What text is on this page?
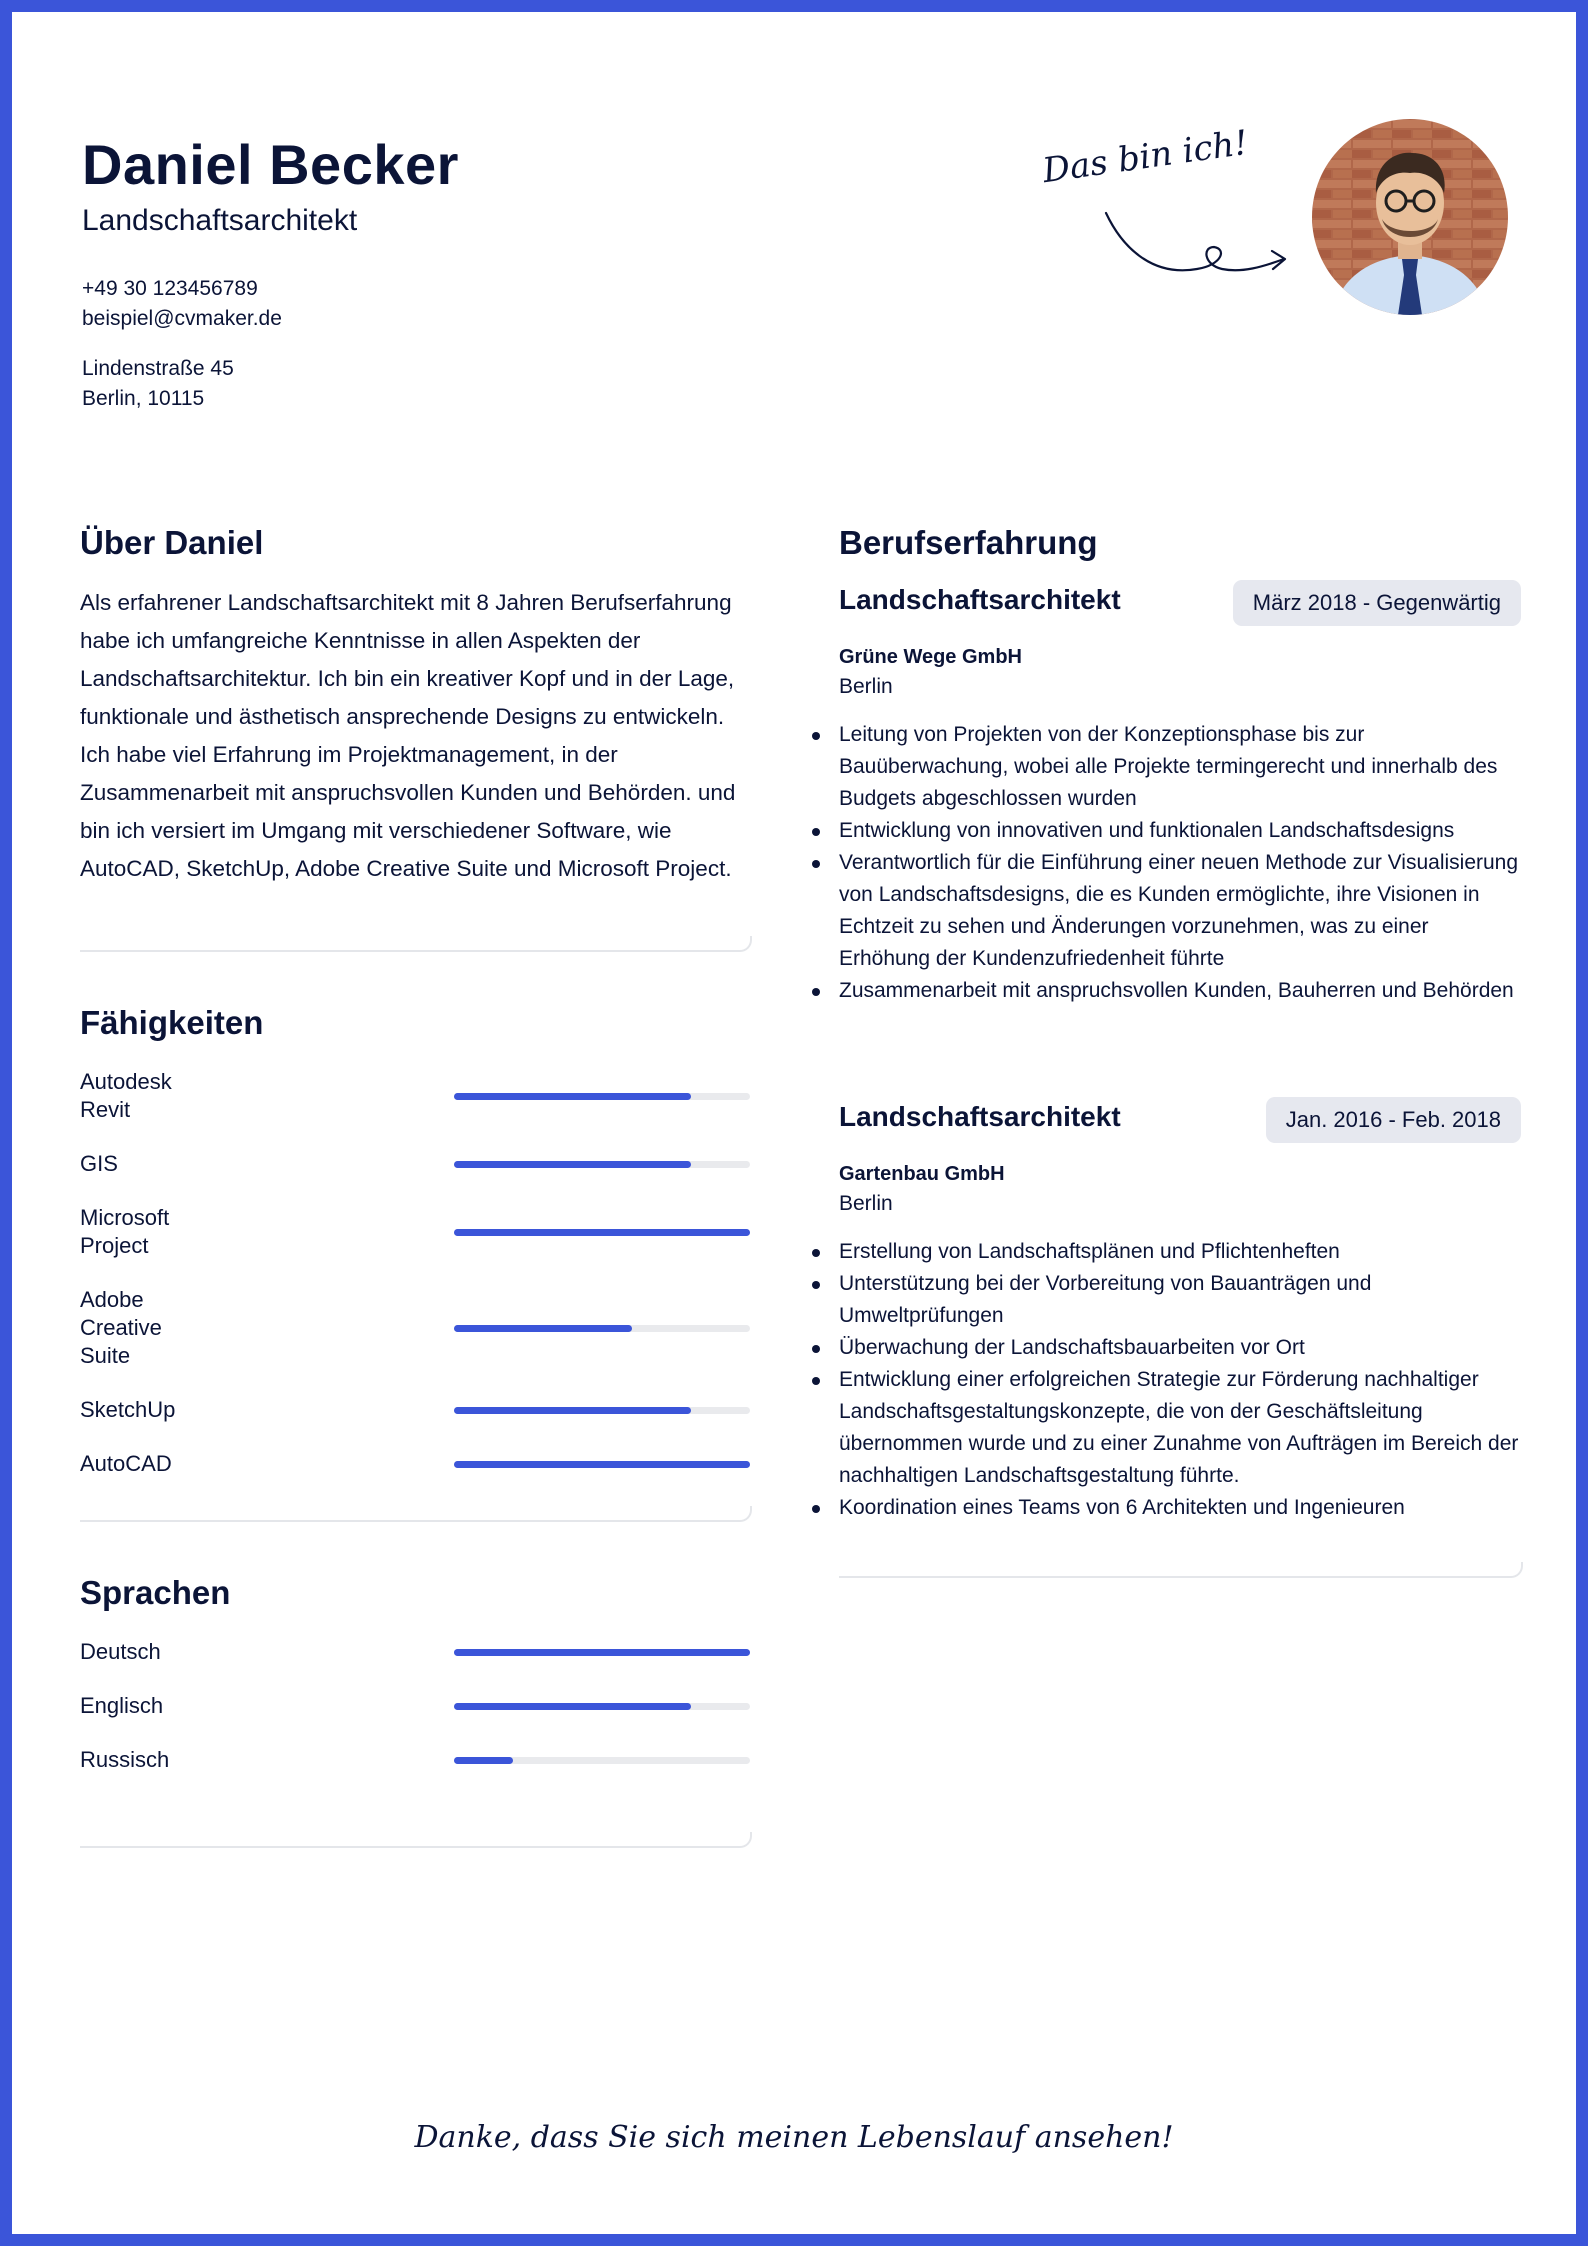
Daniel Becker

Landschaftsarchitekt

+49 30 123456789
beispiel@cvmaker.de
Lindenstraße 45
Berlin, 10115
Das bin ich!
Über Daniel
Als erfahrener Landschaftsarchitekt mit 8 Jahren Berufserfahrung habe ich umfangreiche Kenntnisse in allen Aspekten der Landschaftsarchitektur. Ich bin ein kreativer Kopf und in der Lage, funktionale und ästhetisch ansprechende Designs zu entwickeln. Ich habe viel Erfahrung im Projektmanagement, in der Zusammenarbeit mit anspruchsvollen Kunden und Behörden. und bin ich versiert im Umgang mit verschiedener Software, wie AutoCAD, SketchUp, Adobe Creative Suite und Microsoft Project.
Fähigkeiten
Autodesk Revit
GIS
Microsoft Project
Adobe Creative Suite
SketchUp
AutoCAD
Sprachen
Deutsch
Englisch
Russisch
Berufserfahrung
Landschaftsarchitekt	März 2018 - Gegenwärtig
Grüne Wege GmbH
Berlin
Leitung von Projekten von der Konzeptionsphase bis zur Bauüberwachung, wobei alle Projekte termingerecht und innerhalb des Budgets abgeschlossen wurden
Entwicklung von innovativen und funktionalen Landschaftsdesigns
Verantwortlich für die Einführung einer neuen Methode zur Visualisierung von Landschaftsdesigns, die es Kunden ermöglichte, ihre Visionen in Echtzeit zu sehen und Änderungen vorzunehmen, was zu einer Erhöhung der Kundenzufriedenheit führte
Zusammenarbeit mit anspruchsvollen Kunden, Bauherren und Behörden
Landschaftsarchitekt	Jan. 2016 - Feb. 2018
Gartenbau GmbH
Berlin
Erstellung von Landschaftsplänen und Pflichtenheften
Unterstützung bei der Vorbereitung von Bauanträgen und Umweltprüfungen
Überwachung der Landschaftsbauarbeiten vor Ort
Entwicklung einer erfolgreichen Strategie zur Förderung nachhaltiger Landschaftsgestaltungskonzepte, die von der Geschäftsleitung übernommen wurde und zu einer Zunahme von Aufträgen im Bereich der nachhaltigen Landschaftsgestaltung führte.
Koordination eines Teams von 6 Architekten und Ingenieuren
Danke, dass Sie sich meinen Lebenslauf ansehen!
